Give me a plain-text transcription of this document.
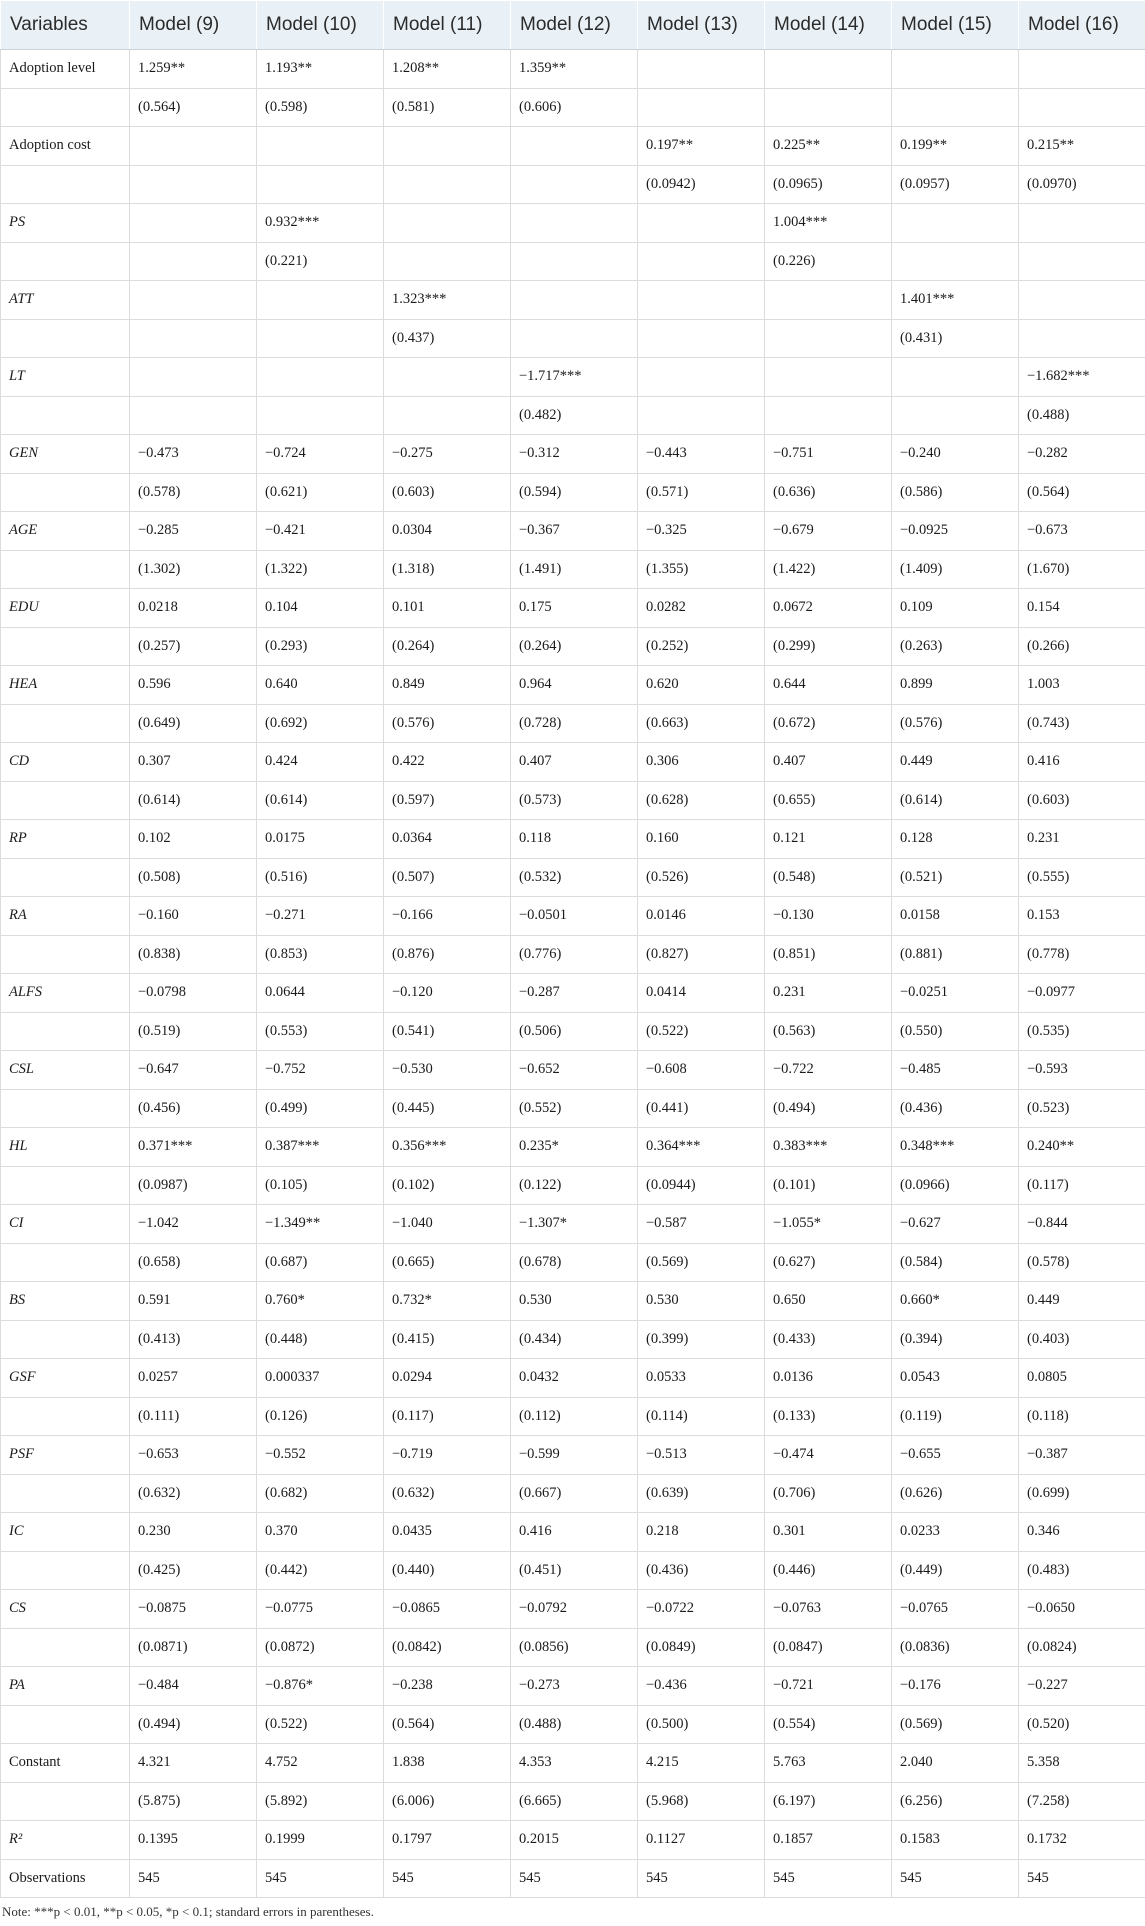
Variables	Model (9)	Model (10)	Model (11)	Model (12)	Model (13)	Model (14)	Model (15)	Model (16)
Adoption level	1.259**	1.193**	1.208**	1.359**				
	(0.564)	(0.598)	(0.581)	(0.606)				
Adoption cost					0.197**	0.225**	0.199**	0.215**
					(0.0942)	(0.0965)	(0.0957)	(0.0970)
PS		0.932***				1.004***		
		(0.221)				(0.226)		
ATT			1.323***				1.401***	
			(0.437)				(0.431)	
LT				−1.717***				−1.682***
				(0.482)				(0.488)
GEN	−0.473	−0.724	−0.275	−0.312	−0.443	−0.751	−0.240	−0.282
	(0.578)	(0.621)	(0.603)	(0.594)	(0.571)	(0.636)	(0.586)	(0.564)
AGE	−0.285	−0.421	0.0304	−0.367	−0.325	−0.679	−0.0925	−0.673
	(1.302)	(1.322)	(1.318)	(1.491)	(1.355)	(1.422)	(1.409)	(1.670)
EDU	0.0218	0.104	0.101	0.175	0.0282	0.0672	0.109	0.154
	(0.257)	(0.293)	(0.264)	(0.264)	(0.252)	(0.299)	(0.263)	(0.266)
HEA	0.596	0.640	0.849	0.964	0.620	0.644	0.899	1.003
	(0.649)	(0.692)	(0.576)	(0.728)	(0.663)	(0.672)	(0.576)	(0.743)
CD	0.307	0.424	0.422	0.407	0.306	0.407	0.449	0.416
	(0.614)	(0.614)	(0.597)	(0.573)	(0.628)	(0.655)	(0.614)	(0.603)
RP	0.102	0.0175	0.0364	0.118	0.160	0.121	0.128	0.231
	(0.508)	(0.516)	(0.507)	(0.532)	(0.526)	(0.548)	(0.521)	(0.555)
RA	−0.160	−0.271	−0.166	−0.0501	0.0146	−0.130	0.0158	0.153
	(0.838)	(0.853)	(0.876)	(0.776)	(0.827)	(0.851)	(0.881)	(0.778)
ALFS	−0.0798	0.0644	−0.120	−0.287	0.0414	0.231	−0.0251	−0.0977
	(0.519)	(0.553)	(0.541)	(0.506)	(0.522)	(0.563)	(0.550)	(0.535)
CSL	−0.647	−0.752	−0.530	−0.652	−0.608	−0.722	−0.485	−0.593
	(0.456)	(0.499)	(0.445)	(0.552)	(0.441)	(0.494)	(0.436)	(0.523)
HL	0.371***	0.387***	0.356***	0.235*	0.364***	0.383***	0.348***	0.240**
	(0.0987)	(0.105)	(0.102)	(0.122)	(0.0944)	(0.101)	(0.0966)	(0.117)
CI	−1.042	−1.349**	−1.040	−1.307*	−0.587	−1.055*	−0.627	−0.844
	(0.658)	(0.687)	(0.665)	(0.678)	(0.569)	(0.627)	(0.584)	(0.578)
BS	0.591	0.760*	0.732*	0.530	0.530	0.650	0.660*	0.449
	(0.413)	(0.448)	(0.415)	(0.434)	(0.399)	(0.433)	(0.394)	(0.403)
GSF	0.0257	0.000337	0.0294	0.0432	0.0533	0.0136	0.0543	0.0805
	(0.111)	(0.126)	(0.117)	(0.112)	(0.114)	(0.133)	(0.119)	(0.118)
PSF	−0.653	−0.552	−0.719	−0.599	−0.513	−0.474	−0.655	−0.387
	(0.632)	(0.682)	(0.632)	(0.667)	(0.639)	(0.706)	(0.626)	(0.699)
IC	0.230	0.370	0.0435	0.416	0.218	0.301	0.0233	0.346
	(0.425)	(0.442)	(0.440)	(0.451)	(0.436)	(0.446)	(0.449)	(0.483)
CS	−0.0875	−0.0775	−0.0865	−0.0792	−0.0722	−0.0763	−0.0765	−0.0650
	(0.0871)	(0.0872)	(0.0842)	(0.0856)	(0.0849)	(0.0847)	(0.0836)	(0.0824)
PA	−0.484	−0.876*	−0.238	−0.273	−0.436	−0.721	−0.176	−0.227
	(0.494)	(0.522)	(0.564)	(0.488)	(0.500)	(0.554)	(0.569)	(0.520)
Constant	4.321	4.752	1.838	4.353	4.215	5.763	2.040	5.358
	(5.875)	(5.892)	(6.006)	(6.665)	(5.968)	(6.197)	(6.256)	(7.258)
R²	0.1395	0.1999	0.1797	0.2015	0.1127	0.1857	0.1583	0.1732
Observations	545	545	545	545	545	545	545	545
Note: ***p < 0.01, **p < 0.05, *p < 0.1; standard errors in parentheses.
